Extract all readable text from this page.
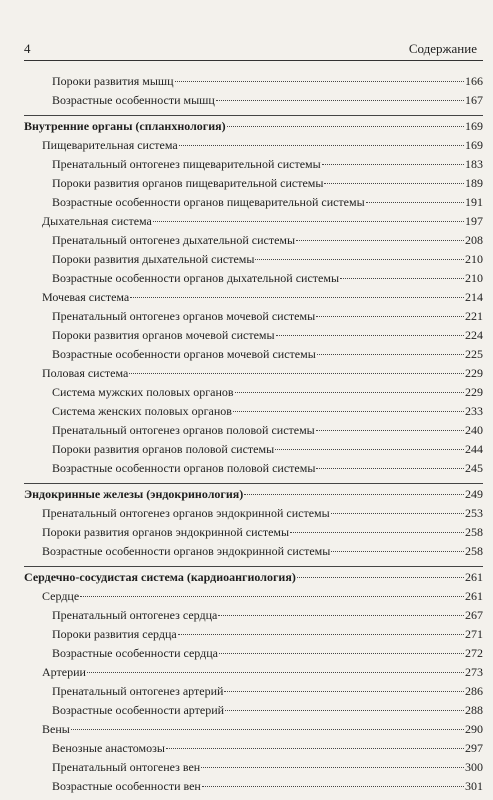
4	Содержание
Пороки развития мышц	166
Возрастные особенности мышц	167
Внутренние органы (спланхнология)	169
Пищеварительная система	169
Пренатальный онтогенез пищеварительной системы	183
Пороки развития органов пищеварительной системы	189
Возрастные особенности органов пищеварительной системы	191
Дыхательная система	197
Пренатальный онтогенез дыхательной системы	208
Пороки развития дыхательной системы	210
Возрастные особенности органов дыхательной системы	210
Мочевая система	214
Пренатальный онтогенез органов мочевой системы	221
Пороки развития органов мочевой системы	224
Возрастные особенности органов мочевой системы	225
Половая система	229
Система мужских половых органов	229
Система женских половых органов	233
Пренатальный онтогенез органов половой системы	240
Пороки развития органов половой системы	244
Возрастные особенности органов половой системы	245
Эндокринные железы (эндокринология)	249
Пренатальный онтогенез органов эндокринной системы	253
Пороки развития органов эндокринной системы	258
Возрастные особенности органов эндокринной системы	258
Сердечно-сосудистая система (кардиоангиология)	261
Сердце	261
Пренатальный онтогенез сердца	267
Пороки развития сердца	271
Возрастные особенности сердца	272
Артерии	273
Пренатальный онтогенез артерий	286
Возрастные особенности артерий	288
Вены	290
Венозные анастомозы	297
Пренатальный онтогенез вен	300
Возрастные особенности вен	301
